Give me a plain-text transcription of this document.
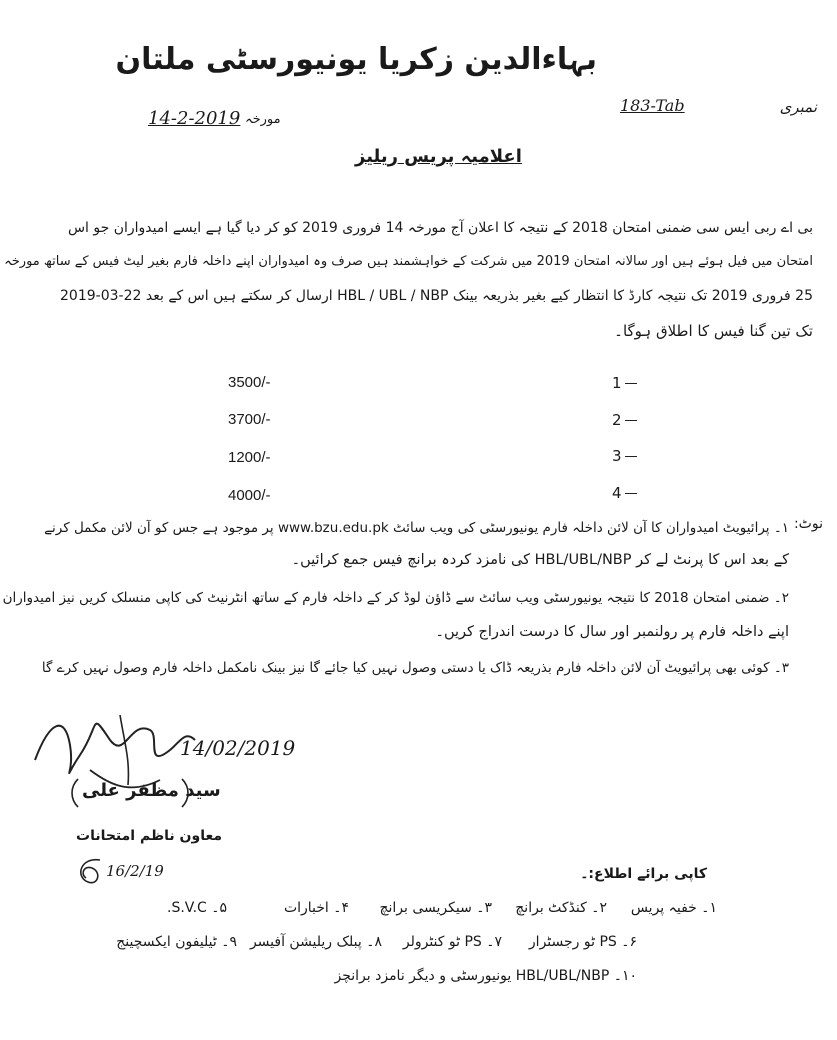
بہاءالدین زکریا یونیورسٹی ملتان
نمبری
183-Tab
14-2-2019 مورخہ
اعلامیہ پریس ریلیز
بی اے ربی ایس سی ضمنی امتحان 2018 کے نتیجہ کا اعلان آج مورخہ 14 فروری 2019 کو کر دیا گیا ہے ایسے امیدواران جو اس
امتحان میں فیل ہوئے ہیں اور سالانہ امتحان 2019 میں شرکت کے خواہشمند ہیں صرف وہ امیدواران اپنے داخلہ فارم بغیر لیٹ فیس کے ساتھ مورخہ
25 فروری 2019 تک نتیجہ کارڈ کا انتظار کیے بغیر بذریعہ بینک HBL / UBL / NBP ارسال کر سکتے ہیں اس کے بعد 22-03-2019
تک تین گنا فیس کا اطلاق ہوگا۔
3500/-	1
3700/-	2
1200/-	3
4000/-	4
نوٹ:
۱۔ پرائیویٹ امیدواران کا آن لائن داخلہ فارم یونیورسٹی کی ویب سائٹ www.bzu.edu.pk پر موجود ہے جس کو آن لائن مکمل کرنے
کے بعد اس کا پرنٹ لے کر HBL/UBL/NBP کی نامزد کردہ برانچ فیس جمع کرائیں۔
۲۔ ضمنی امتحان 2018 کا نتیجہ یونیورسٹی ویب سائٹ سے ڈاؤن لوڈ کر کے داخلہ فارم کے ساتھ انٹرنیٹ کی کاپی منسلک کریں نیز امیدواران
اپنے داخلہ فارم پر رولنمبر اور سال کا درست اندراج کریں۔
۳۔ کوئی بھی پرائیویٹ آن لائن داخلہ فارم بذریعہ ڈاک یا دستی وصول نہیں کیا جائے گا نیز بینک نامکمل داخلہ فارم وصول نہیں کرے گا
14/02/2019
سید مظفر علی
معاون ناظم امتحانات
16/2/19	کاپی برائے اطلاع:۔
۱۔ خفیہ پریس
۲۔ کنڈکٹ برانچ
۳۔ سیکریسی برانچ
۴۔ اخبارات
۵۔ S.V.C.
۶۔ PS ٹو رجسٹرار
۷۔ PS ٹو کنٹرولر
۸۔ پبلک ریلیشن آفیسر
۹۔ ٹیلیفون ایکسچینج
۱۰۔ HBL/UBL/NBP یونیورسٹی و دیگر نامزد برانچز
